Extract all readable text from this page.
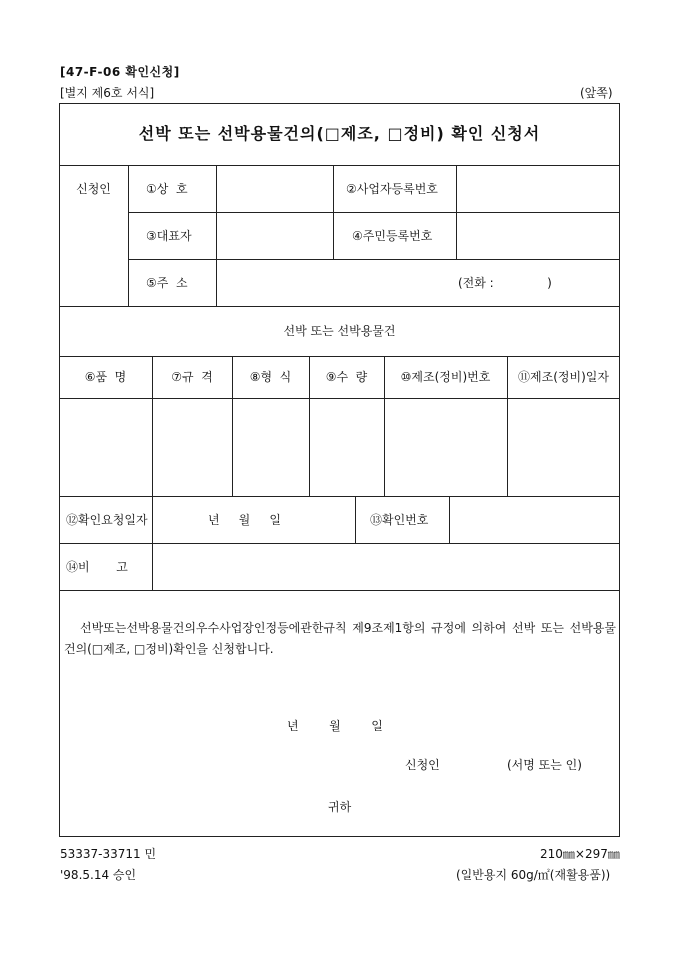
[47-F-06 확인신청]
[별지 제6호 서식]	(앞쪽)
선박 또는 선박용물건의(□제조, □정비) 확인 신청서
신청인	①상  호	②사업자등록번호
③대표자	④주민등록번호
⑤주  소	(전화 :              )
선박 또는 선박용물건
⑥품  명	⑦규  격	⑧형  식	⑨수  량	⑩제조(정비)번호	⑪제조(정비)일자
⑫확인요청일자	년     월     일	⑬확인번호
⑭비       고
선박또는선박용물건의우수사업장인정등에관한규칙 제9조제1항의 규정에 의하여 선박 또는 선박용물건의(□제조, □정비)확인을 신청합니다.
년        월        일
신청인	(서명 또는 인)
귀하
53337-33711 민
'98.5.14 승인
210㎜×297㎜
(일반용지 60g/㎡(재활용품))
